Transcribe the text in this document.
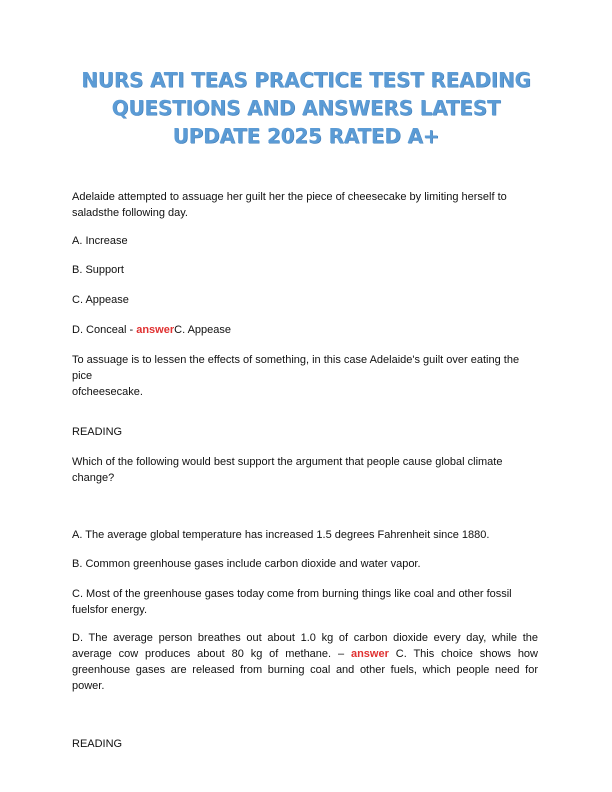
NURS ATI TEAS PRACTICE TEST READING
QUESTIONS AND ANSWERS LATEST
UPDATE 2025 RATED A+

Adelaide attempted to assuage her guilt her the piece of cheesecake by limiting herself to
saladsthe following day.

A. Increase

B. Support

C. Appease

D. Conceal - answerC. Appease

To assuage is to lessen the effects of something, in this case Adelaide's guilt over eating the pice
ofcheesecake.

READING

Which of the following would best support the argument that people cause global climate
change?

A. The average global temperature has increased 1.5 degrees Fahrenheit since 1880.

B. Common greenhouse gases include carbon dioxide and water vapor.

C. Most of the greenhouse gases today come from burning things like coal and other fossil
fuelsfor energy.

D. The average person breathes out about 1.0 kg of carbon dioxide every day, while the average cow produces about 80 kg of methane. – answer C. This choice shows how greenhouse gases are released from burning coal and other fuels, which people need for power.

READING
